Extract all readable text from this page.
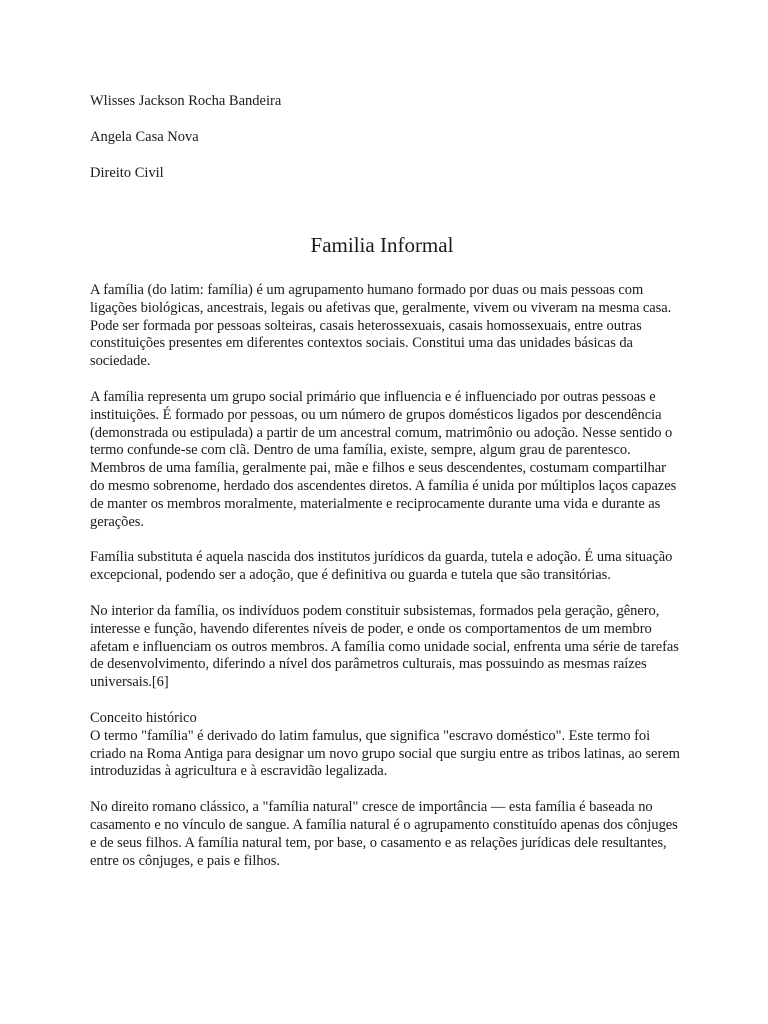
Wlisses Jackson Rocha Bandeira

Angela Casa Nova

Direito Civil

Familia Informal

A família (do latim: família) é um agrupamento humano formado por duas ou mais pessoas com ligações biológicas, ancestrais, legais ou afetivas que, geralmente, vivem ou viveram na mesma casa. Pode ser formada por pessoas solteiras, casais heterossexuais, casais homossexuais, entre outras constituições presentes em diferentes contextos sociais. Constitui uma das unidades básicas da sociedade.

A família representa um grupo social primário que influencia e é influenciado por outras pessoas e instituições. É formado por pessoas, ou um número de grupos domésticos ligados por descendência (demonstrada ou estipulada) a partir de um ancestral comum, matrimônio ou adoção. Nesse sentido o termo confunde-se com clã. Dentro de uma família, existe, sempre, algum grau de parentesco. Membros de uma família, geralmente pai, mãe e filhos e seus descendentes, costumam compartilhar do mesmo sobrenome, herdado dos ascendentes diretos. A família é unida por múltiplos laços capazes de manter os membros moralmente, materialmente e reciprocamente durante uma vida e durante as gerações.

Família substituta é aquela nascida dos institutos jurídicos da guarda, tutela e adoção. É uma situação excepcional, podendo ser a adoção, que é definitiva ou guarda e tutela que são transitórias.

No interior da família, os indivíduos podem constituir subsistemas, formados pela geração, gênero, interesse e função, havendo diferentes níveis de poder, e onde os comportamentos de um membro afetam e influenciam os outros membros. A família como unidade social, enfrenta uma série de tarefas de desenvolvimento, diferindo a nível dos parâmetros culturais, mas possuindo as mesmas raízes universais.[6]

Conceito histórico

O termo "família" é derivado do latim famulus, que significa "escravo doméstico". Este termo foi criado na Roma Antiga para designar um novo grupo social que surgiu entre as tribos latinas, ao serem introduzidas à agricultura e à escravidão legalizada.

No direito romano clássico, a "família natural" cresce de importância — esta família é baseada no casamento e no vínculo de sangue. A família natural é o agrupamento constituído apenas dos cônjuges e de seus filhos. A família natural tem, por base, o casamento e as relações jurídicas dele resultantes, entre os cônjuges, e pais e filhos.
